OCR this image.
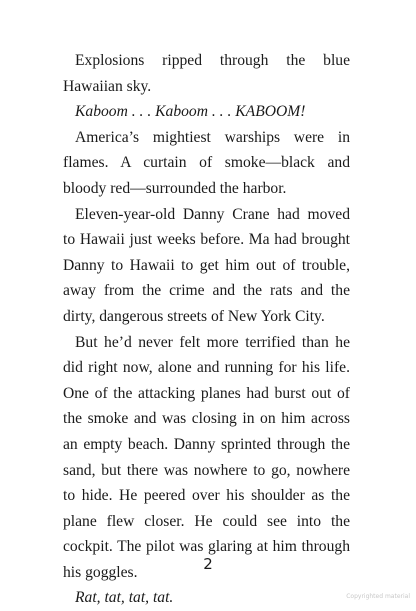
Explosions ripped through the blue Hawaiian sky.

Kaboom . . . Kaboom . . . KABOOM!

America’s mightiest warships were in flames. A curtain of smoke—black and bloody red—surrounded the harbor.

Eleven-year-old Danny Crane had moved to Hawaii just weeks before. Ma had brought Danny to Hawaii to get him out of trouble, away from the crime and the rats and the dirty, dangerous streets of New York City.

But he’d never felt more terrified than he did right now, alone and running for his life. One of the attacking planes had burst out of the smoke and was closing in on him across an empty beach. Danny sprinted through the sand, but there was nowhere to go, nowhere to hide. He peered over his shoulder as the plane flew closer. He could see into the cockpit. The pilot was glaring at him through his goggles.

Rat, tat, tat, tat.

2
Copyrighted material
